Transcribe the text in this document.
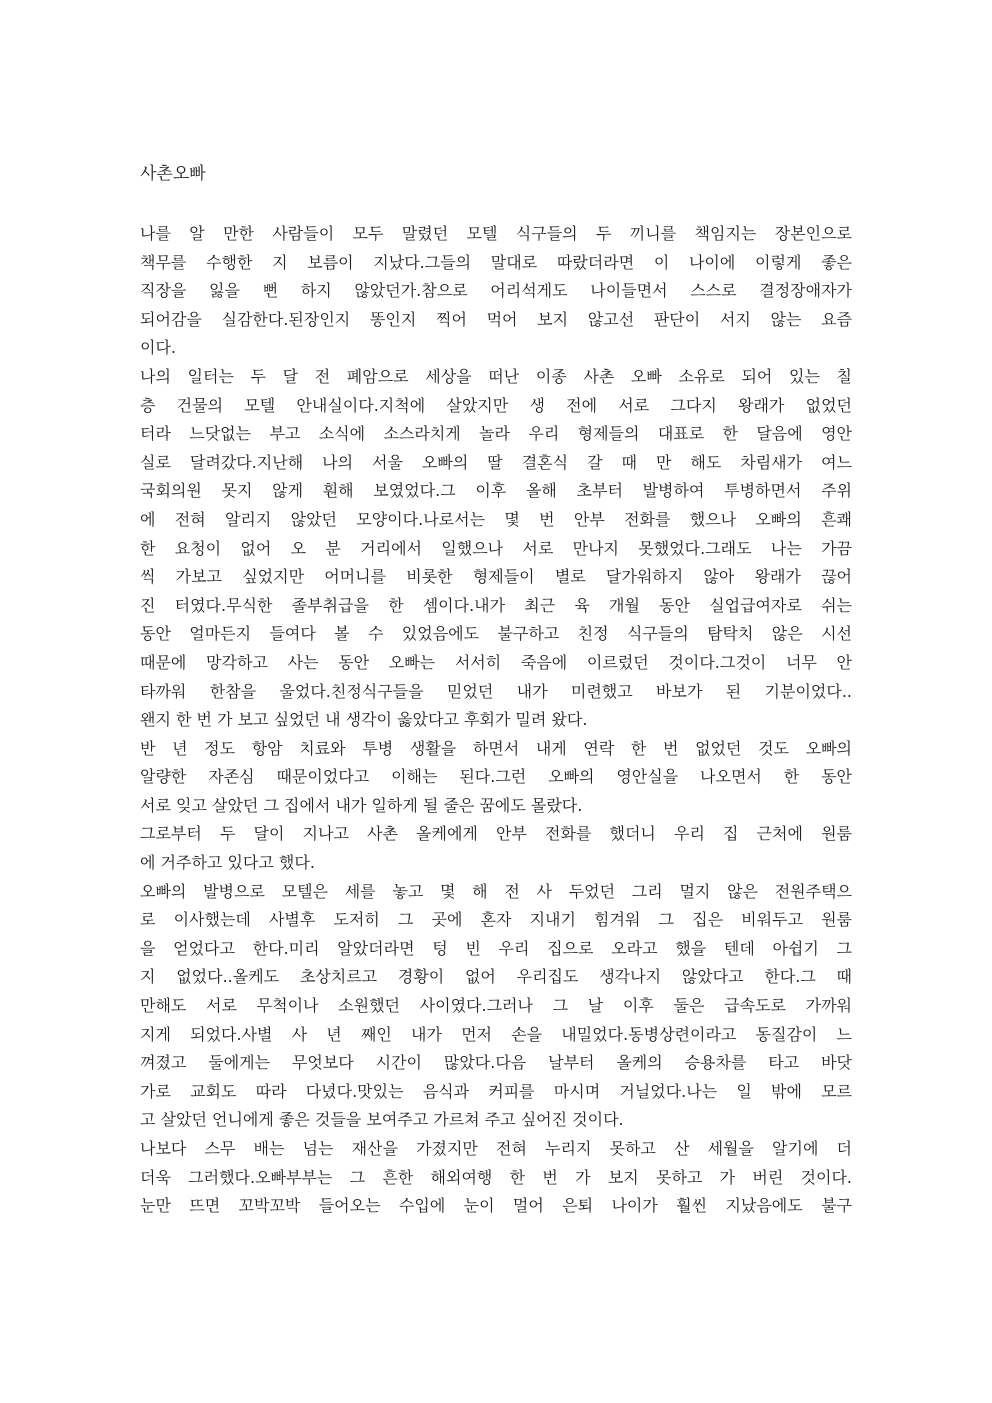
사촌오빠
나를 알 만한 사람들이 모두 말렸던 모텔 식구들의 두 끼니를 책임지는 장본인으로
책무를 수행한 지 보름이 지났다.그들의 말대로 따랐더라면 이 나이에 이렇게 좋은
직장을 잃을 뻔 하지 않았던가.참으로 어리석게도 나이들면서 스스로 결정장애자가
되어감을 실감한다.된장인지 똥인지 찍어 먹어 보지 않고선 판단이 서지 않는 요즘
이다.
나의 일터는 두 달 전 폐암으로 세상을 떠난 이종 사촌 오빠 소유로 되어 있는 칠
층 건물의 모텔 안내실이다.지척에 살았지만 생 전에 서로 그다지 왕래가 없었던
터라 느닷없는 부고 소식에 소스라치게 놀라 우리 형제들의 대표로 한 달음에 영안
실로 달려갔다.지난해 나의 서울 오빠의 딸 결혼식 갈 때 만 해도 차림새가 여느
국회의원 못지 않게 훤해 보였었다.그 이후 올해 초부터 발병하여 투병하면서 주위
에 전혀 알리지 않았던 모양이다.나로서는 몇 번 안부 전화를 했으나 오빠의 흔쾌
한 요청이 없어 오 분 거리에서 일했으나 서로 만나지 못했었다.그래도 나는 가끔
씩 가보고 싶었지만 어머니를 비롯한 형제들이 별로 달가워하지 않아 왕래가 끊어
진 터였다.무식한 졸부취급을 한 셈이다.내가 최근 육 개월 동안 실업급여자로 쉬는
동안 얼마든지 들여다 볼 수 있었음에도 불구하고 친정 식구들의 탐탁치 않은 시선
때문에 망각하고 사는 동안 오빠는 서서히 죽음에 이르렀던 것이다.그것이 너무 안
타까워 한참을 울었다.친정식구들을 믿었던 내가 미련했고 바보가 된 기분이었다..
왠지 한 번 가 보고 싶었던 내 생각이 옳았다고 후회가 밀려 왔다.
반 년 정도 항암 치료와 투병 생활을 하면서 내게 연락 한 번 없었던 것도 오빠의
알량한 자존심 때문이었다고 이해는 된다.그런 오빠의 영안실을 나오면서 한 동안
서로 잊고 살았던 그 집에서 내가 일하게 될 줄은 꿈에도 몰랐다.
그로부터 두 달이 지나고 사촌 올케에게 안부 전화를 했더니 우리 집 근처에 원룸
에 거주하고 있다고 했다.
오빠의 발병으로 모텔은 세를 놓고 몇 해 전 사 두었던 그리 멀지 않은 전원주택으
로 이사했는데 사별후 도저히 그 곳에 혼자 지내기 힘겨워 그 집은 비워두고 원룸
을 얻었다고 한다.미리 알았더라면 텅 빈 우리 집으로 오라고 했을 텐데 아쉽기 그
지 없었다..올케도 초상치르고 경황이 없어 우리집도 생각나지 않았다고 한다.그 때
만해도 서로 무척이나 소원했던 사이였다.그러나 그 날 이후 둘은 급속도로 가까워
지게 되었다.사별 사 년 째인 내가 먼저 손을 내밀었다.동병상련이라고 동질감이 느
껴졌고 둘에게는 무엇보다 시간이 많았다.다음 날부터 올케의 승용차를 타고 바닷
가로 교회도 따라 다녔다.맛있는 음식과 커피를 마시며 거닐었다.나는 일 밖에 모르
고 살았던 언니에게 좋은 것들을 보여주고 가르쳐 주고 싶어진 것이다.
나보다 스무 배는 넘는 재산을 가졌지만 전혀 누리지 못하고 산 세월을 알기에 더
더욱 그러했다.오빠부부는 그 흔한 해외여행 한 번 가 보지 못하고 가 버린 것이다.
눈만 뜨면 꼬박꼬박 들어오는 수입에 눈이 멀어 은퇴 나이가 훨씬 지났음에도 불구
